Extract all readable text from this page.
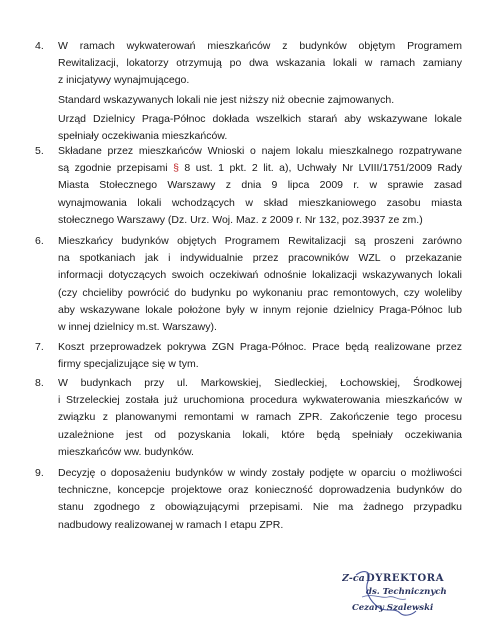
4. W ramach wykwaterowań mieszkańców z budynków objętym Programem
Rewitalizacji, lokatorzy otrzymują po dwa wskazania lokali w ramach zamiany
z inicjatywy wynajmującego.
Standard wskazywanych lokali nie jest niższy niż obecnie zajmowanych.
Urząd Dzielnicy Praga-Północ dokłada wszelkich starań aby wskazywane lokale
spełniały oczekiwania mieszkańców.
5. Składane przez mieszkańców Wnioski o najem lokalu mieszkalnego rozpatrywane
są zgodnie przepisami § 8 ust. 1 pkt. 2 lit. a), Uchwały Nr LVIII/1751/2009 Rady
Miasta Stołecznego Warszawy z dnia 9 lipca 2009 r. w sprawie zasad
wynajmowania lokali wchodzących w skład mieszkaniowego zasobu miasta
stołecznego Warszawy (Dz. Urz. Woj. Maz. z 2009 r. Nr 132, poz.3937 ze zm.)
6. Mieszkańcy budynków objętych Programem Rewitalizacji są proszeni zarówno
na spotkaniach jak i indywidualnie przez pracowników WZL o przekazanie
informacji dotyczących swoich oczekiwań odnośnie lokalizacji wskazywanych lokali
(czy chcieliby powrócić do budynku po wykonaniu prac remontowych, czy woleliby
aby wskazywane lokale położone były w innym rejonie dzielnicy Praga-Północ lub
w innej dzielnicy m.st. Warszawy).
7. Koszt przeprowadzek pokrywa ZGN Praga-Północ. Prace będą realizowane przez
firmy specjalizujące się w tym.
8. W budynkach przy ul. Markowskiej, Siedleckiej, Łochowskiej, Środkowej
i Strzeleckiej została już uruchomiona procedura wykwaterowania mieszkańców w
związku z planowanymi remontami w ramach ZPR. Zakończenie tego procesu
uzależnione jest od pozyskania lokali, które będą spełniały oczekiwania
mieszkańców ww. budynków.
9. Decyzję o doposażeniu budynków w windy zostały podjęte w oparciu o możliwości
techniczne, koncepcje projektowe oraz konieczność doprowadzenia budynków do
stanu zgodnego z obowiązującymi przepisami. Nie ma żadnego przypadku
nadbudowy realizowanej w ramach I etapu ZPR.
Z-ca DYREKTORA
ds. Technicznych
Cezary Szalewski
